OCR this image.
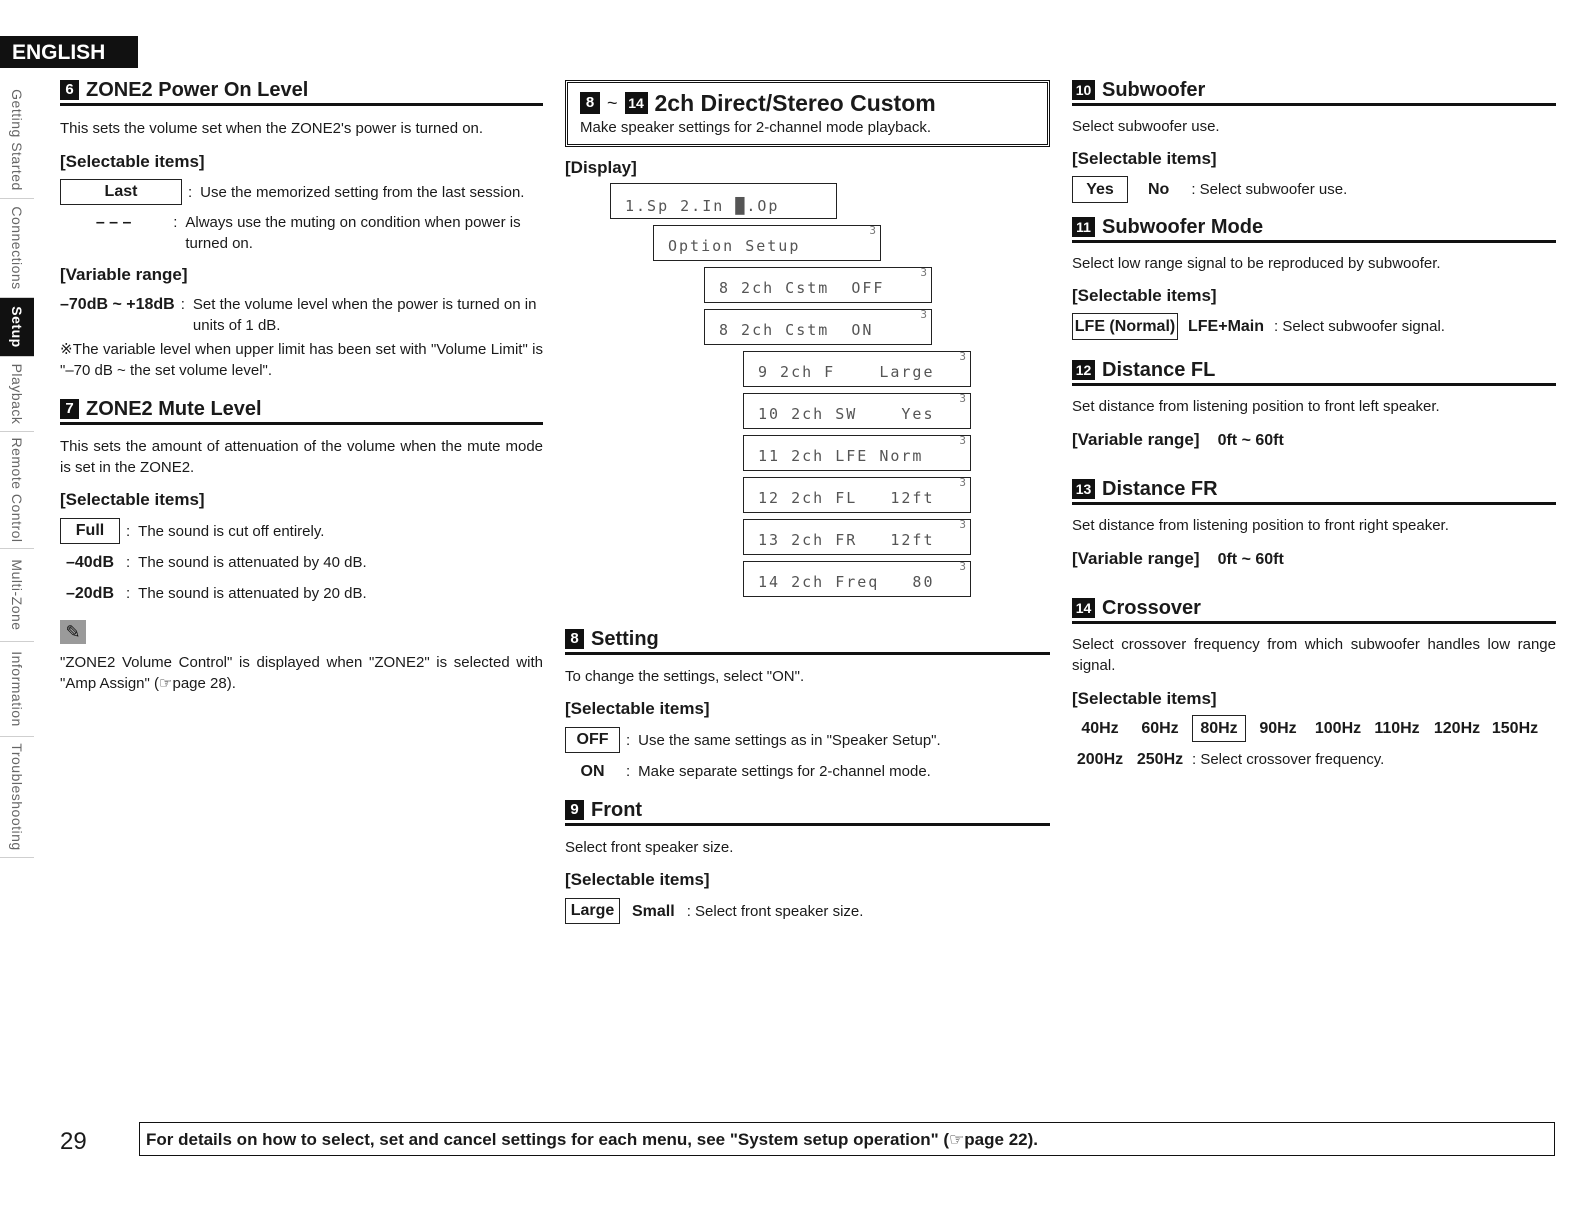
ENGLISH
Getting Started
Connections
Setup
Playback
Remote Control
Multi-Zone
Information
Troubleshooting
6 ZONE2 Power On Level

This sets the volume set when the ZONE2's power is turned on.

[Selectable items]

Last	: Use the memorized setting from the last session.
– – –	: Always use the muting on condition when power is turned on.

[Variable range]

–70dB ~ +18dB : Set the volume level when the power is turned on in units of 1 dB.

※The variable level when upper limit has been set with "Volume Limit" is "–70 dB ~ the set volume level".

7 ZONE2 Mute Level

This sets the amount of attenuation of the volume when the mute mode is set in the ZONE2.

[Selectable items]

Full	: The sound is cut off entirely.
–40dB : The sound is attenuated by 40 dB.
–20dB : The sound is attenuated by 20 dB.
✎

"ZONE2 Volume Control" is displayed when "ZONE2" is selected with "Amp Assign" (☞page 28).

8 ~ 14 2ch Direct/Stereo Custom
Make speaker settings for 2-channel mode playback.

[Display]

1.Sp 2.In █.Op
Option Setup
3
8 2ch Cstm  OFF
3
8 2ch Cstm  ON
3
9 2ch F    Large
3
10 2ch SW    Yes
3
11 2ch LFE Norm
3
12 2ch FL   12ft
3
13 2ch FR   12ft
3
14 2ch Freq   80
3
8 Setting

To change the settings, select "ON".

[Selectable items]

OFF	: Use the same settings as in "Speaker Setup".
ON	: Make separate settings for 2-channel mode.
9 Front

Select front speaker size.

[Selectable items]

Large	Small : Select front speaker size.
10 Subwoofer

Select subwoofer use.

[Selectable items]

Yes	No : Select subwoofer use.
11 Subwoofer Mode

Select low range signal to be reproduced by subwoofer.

[Selectable items]

LFE (Normal) LFE+Main : Select subwoofer signal.
12 Distance FL

Set distance from listening position to front left speaker.

[Variable range] 0ft ~ 60ft
13 Distance FR

Set distance from listening position to front right speaker.

[Variable range] 0ft ~ 60ft
14 Crossover

Select crossover frequency from which subwoofer handles low range signal.

[Selectable items]

40Hz	60Hz	80Hz	90Hz	100Hz 110Hz 120Hz 150Hz
200Hz 250Hz : Select crossover frequency.
29	For details on how to select, set and cancel settings for each menu, see "System setup operation" (☞page 22).
